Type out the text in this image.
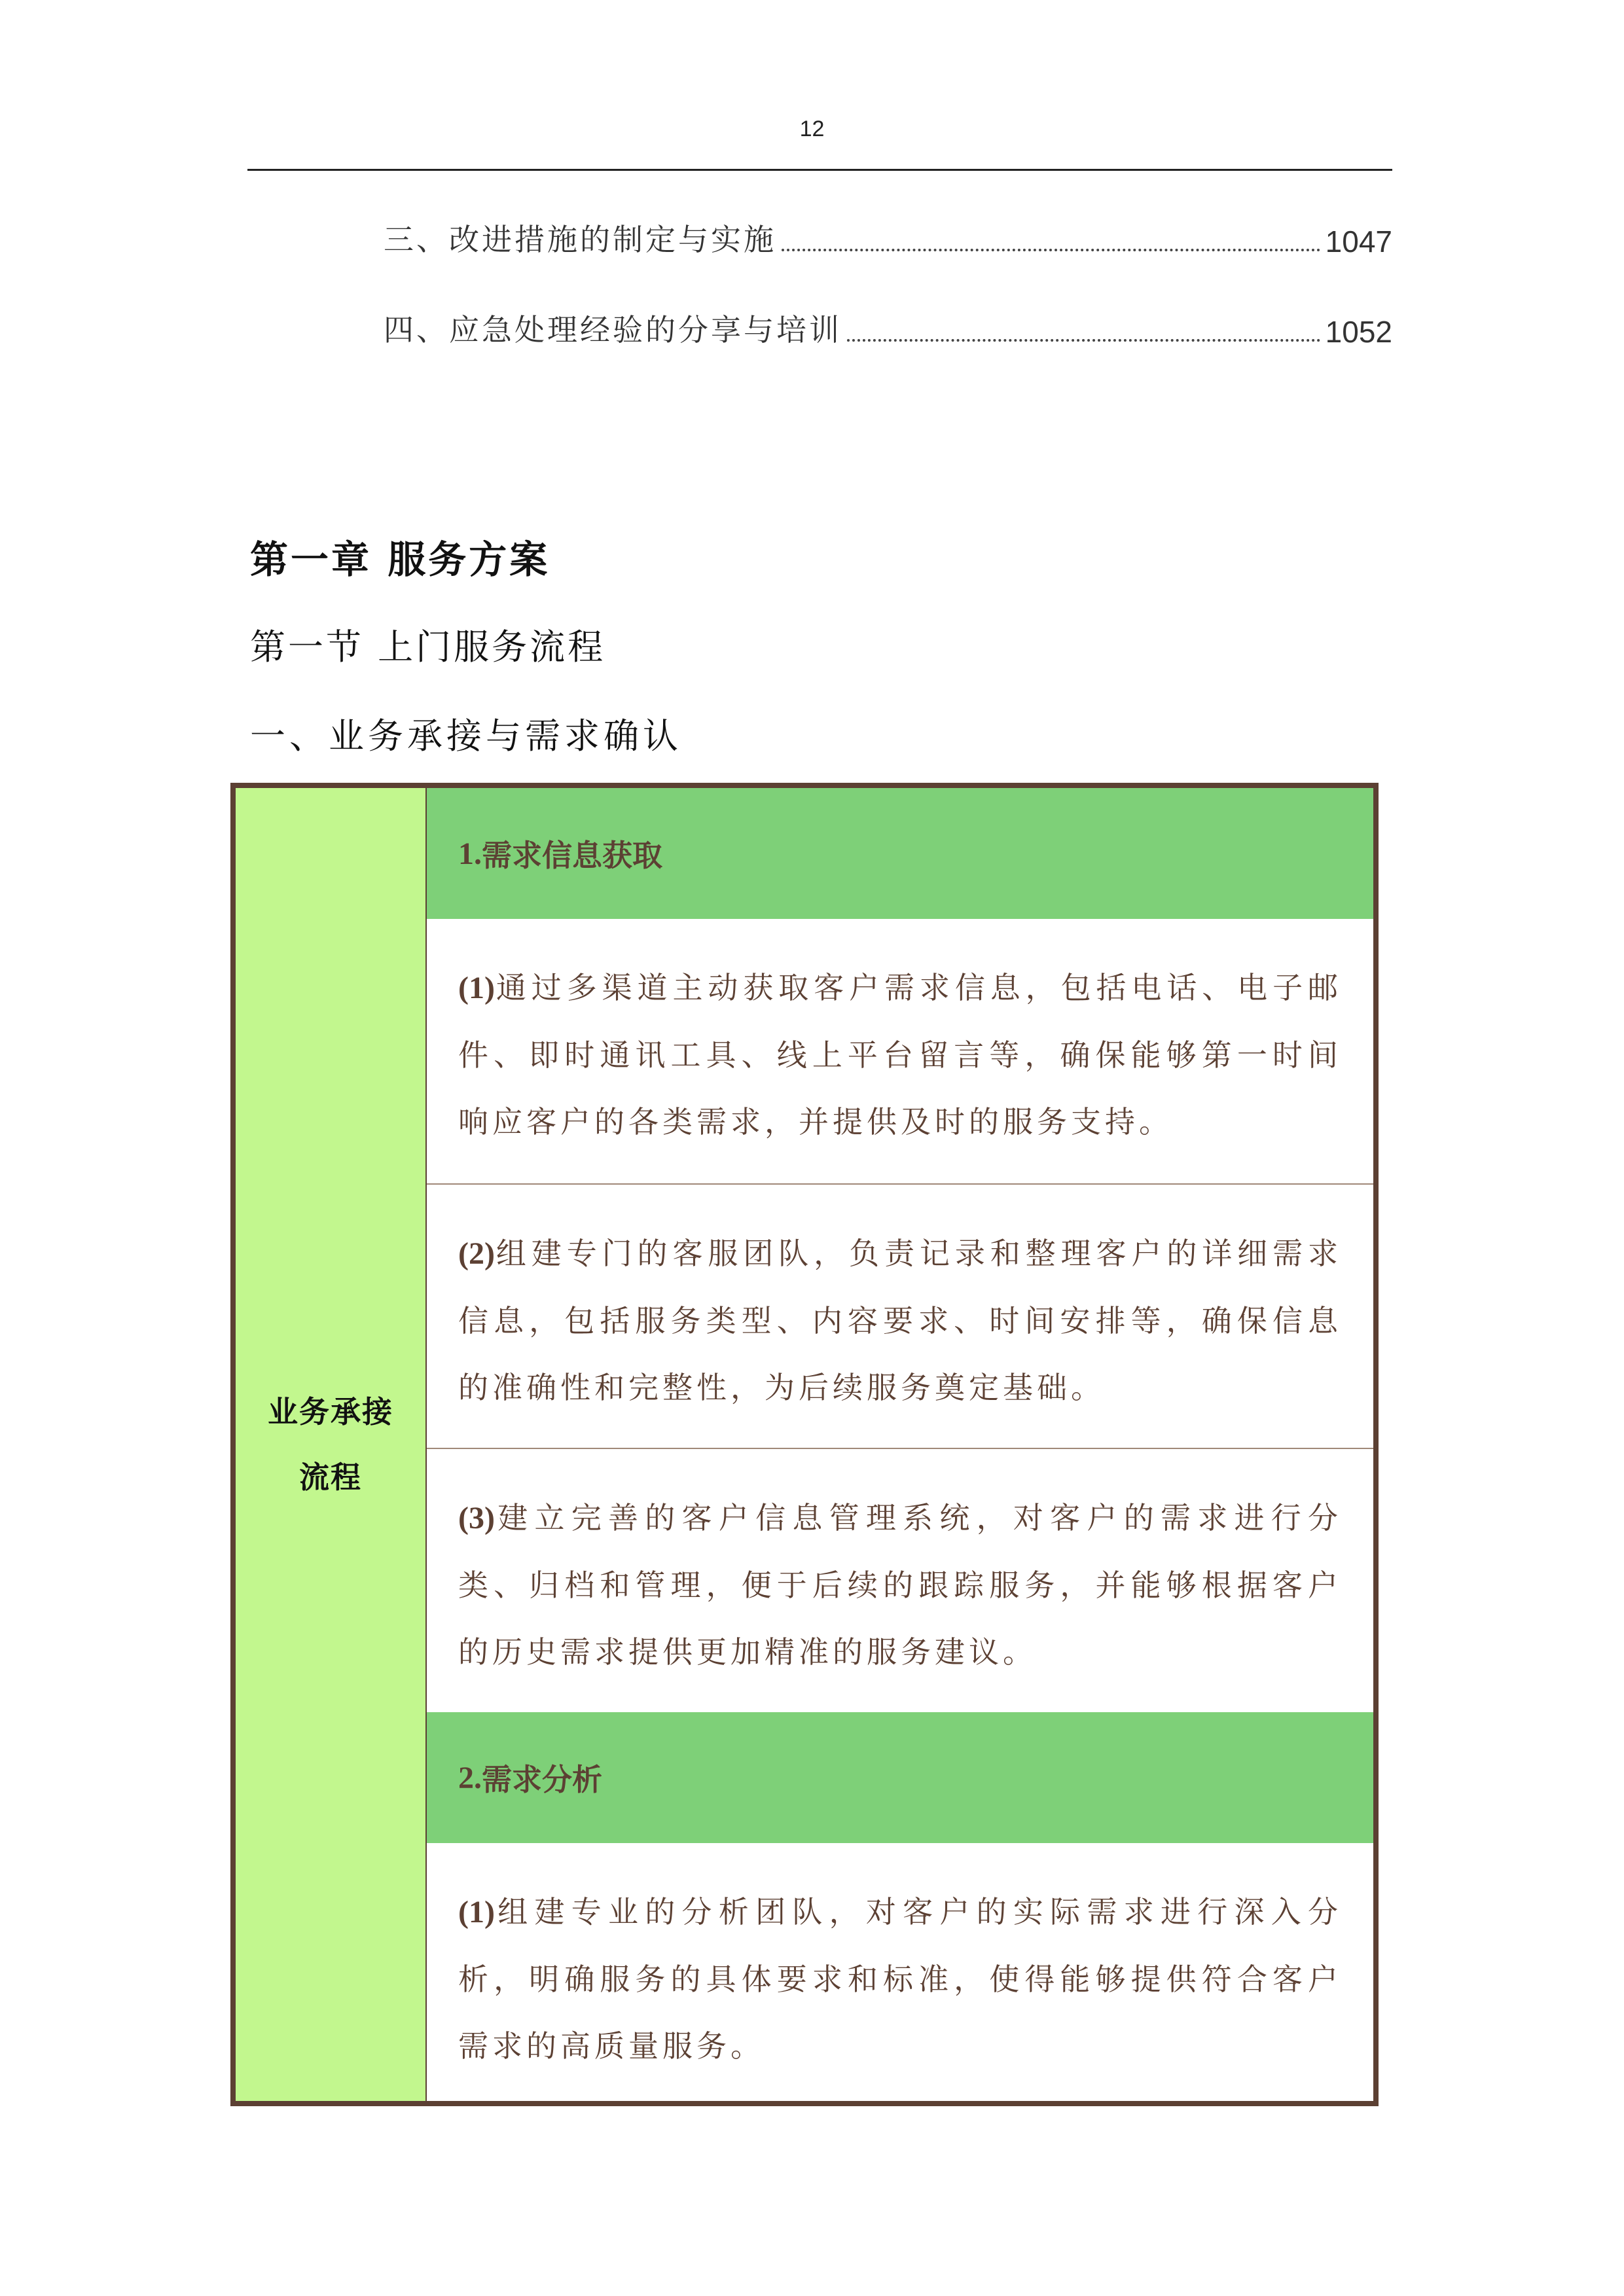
12
三、改进措施的制定与实施	1047
四、应急处理经验的分享与培训	1052
第一章 服务方案
第一节 上门服务流程
一、业务承接与需求确认
业务承接流程
1. 需求信息获取
(1)通过多渠道主动获取客户需求信息，包括电话、电子邮件、即时通讯工具、线上平台留言等，确保能够第一时间响应客户的各类需求，并提供及时的服务支持。
(2)组建专门的客服团队，负责记录和整理客户的详细需求信息，包括服务类型、内容要求、时间安排等，确保信息的准确性和完整性，为后续服务奠定基础。
(3)建立完善的客户信息管理系统，对客户的需求进行分类、归档和管理，便于后续的跟踪服务，并能够根据客户的历史需求提供更加精准的服务建议。
2. 需求分析
(1)组建专业的分析团队，对客户的实际需求进行深入分析，明确服务的具体要求和标准，使得能够提供符合客户需求的高质量服务。
